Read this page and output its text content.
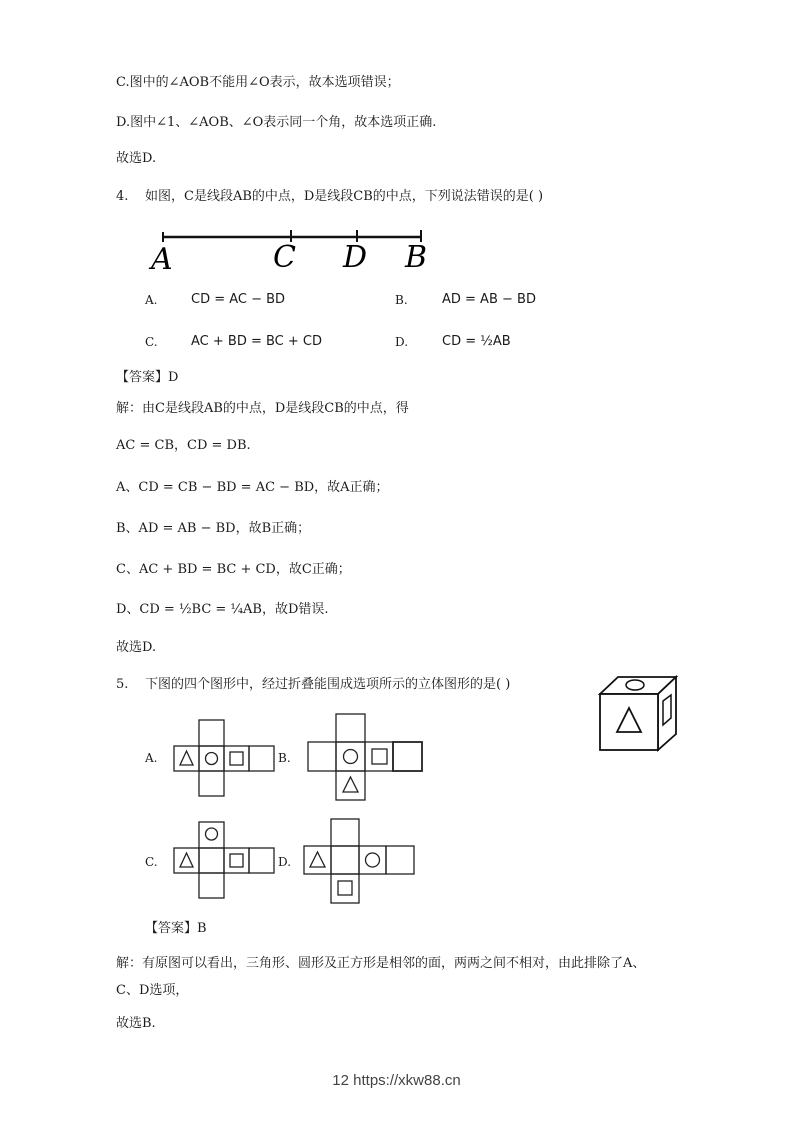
C.图中的∠AOB不能用∠O表示，故本选项错误；
D.图中∠1、∠AOB、∠O表示同一个角，故本选项正确.
故选D.
4. 如图，C是线段AB的中点，D是线段CB的中点，下列说法错误的是( )
A	C D B
A.	CD = AC − BD	B.	AD = AB − BD
C.	AC + BD = BC + CD	D.	CD = ½AB
【答案】D
解：由C是线段AB的中点，D是线段CB的中点，得
AC = CB，CD = DB.
A、CD = CB − BD = AC − BD，故A正确；
B、AD = AB − BD，故B正确；
C、AC + BD = BC + CD，故C正确；
D、CD = ½BC = ¼AB，故D错误.
故选D.
5. 下图的四个图形中，经过折叠能围成选项所示的立体图形的是( )
A.	B.
C.	D.
【答案】B
解：有原图可以看出，三角形、圆形及正方形是相邻的面，两两之间不相对，由此排除了A、
C、D选项，
故选B.
12 https://xkw88.cn
